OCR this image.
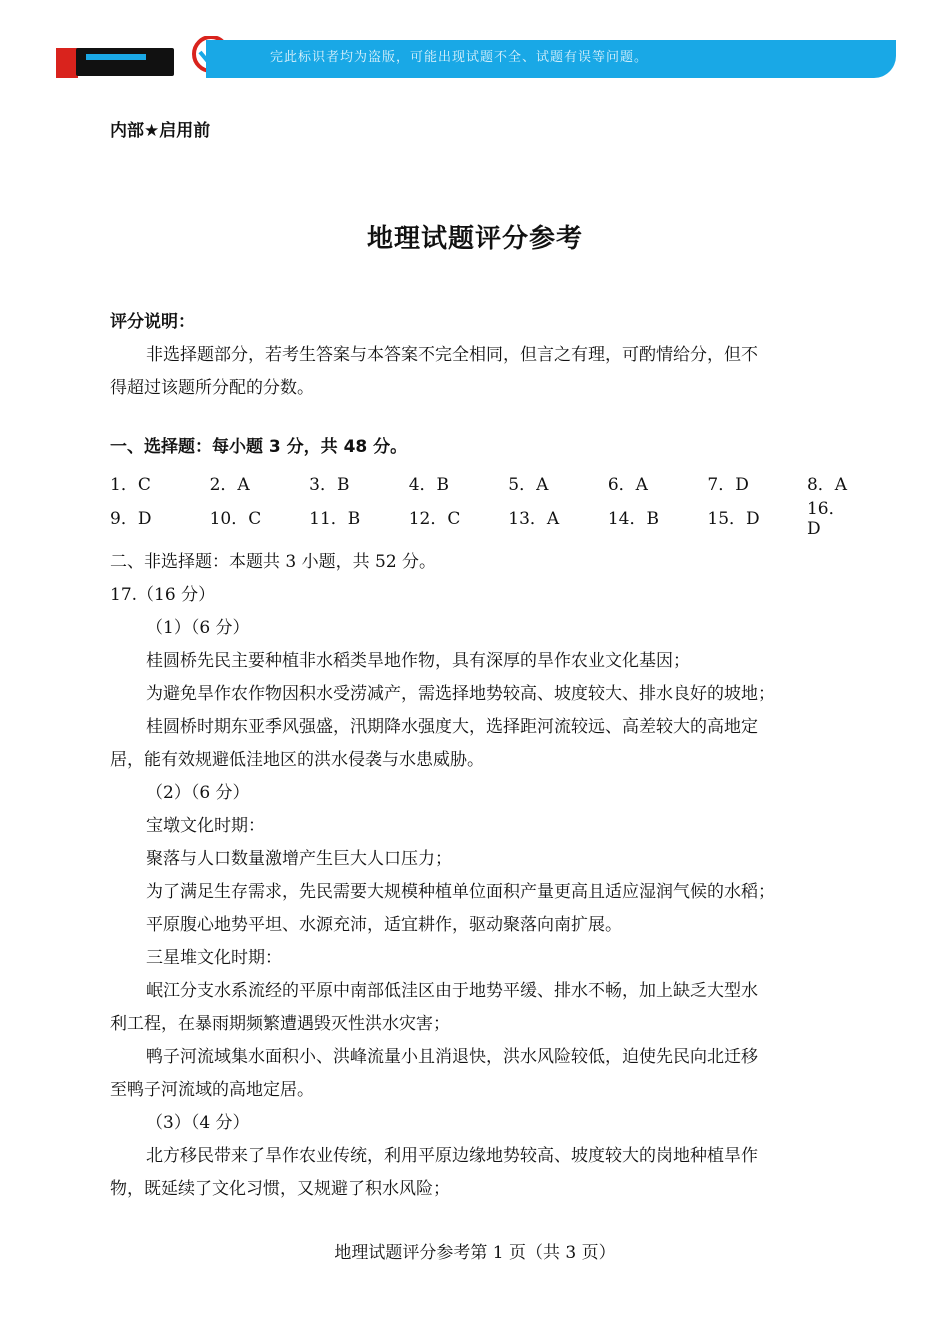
完此标识者均为盗版，可能出现试题不全、试题有误等问题。
内部★启用前
地理试题评分参考

评分说明：

非选择题部分，若考生答案与本答案不完全相同，但言之有理，可酌情给分，但不

得超过该题所分配的分数。

一、选择题：每小题 3 分，共 48 分。

1．C	2．A	3．B	4．B	5．A	6．A	7．D	8．A
9．D	10．C	11．B	12．C	13．A	14．B	15．D	16．D

二、非选择题：本题共 3 小题，共 52 分。

17.（16 分）

（1）（6 分）

桂圆桥先民主要种植非水稻类旱地作物，具有深厚的旱作农业文化基因；

为避免旱作农作物因积水受涝减产，需选择地势较高、坡度较大、排水良好的坡地；

桂圆桥时期东亚季风强盛，汛期降水强度大，选择距河流较远、高差较大的高地定

居，能有效规避低洼地区的洪水侵袭与水患威胁。

（2）（6 分）

宝墩文化时期：

聚落与人口数量激增产生巨大人口压力；

为了满足生存需求，先民需要大规模种植单位面积产量更高且适应湿润气候的水稻；

平原腹心地势平坦、水源充沛，适宜耕作，驱动聚落向南扩展。

三星堆文化时期：

岷江分支水系流经的平原中南部低洼区由于地势平缓、排水不畅，加上缺乏大型水

利工程，在暴雨期频繁遭遇毁灭性洪水灾害；

鸭子河流域集水面积小、洪峰流量小且消退快，洪水风险较低，迫使先民向北迁移

至鸭子河流域的高地定居。

（3）（4 分）

北方移民带来了旱作农业传统，利用平原边缘地势较高、坡度较大的岗地种植旱作

物，既延续了文化习惯，又规避了积水风险；

地理试题评分参考第 1 页（共 3 页）
